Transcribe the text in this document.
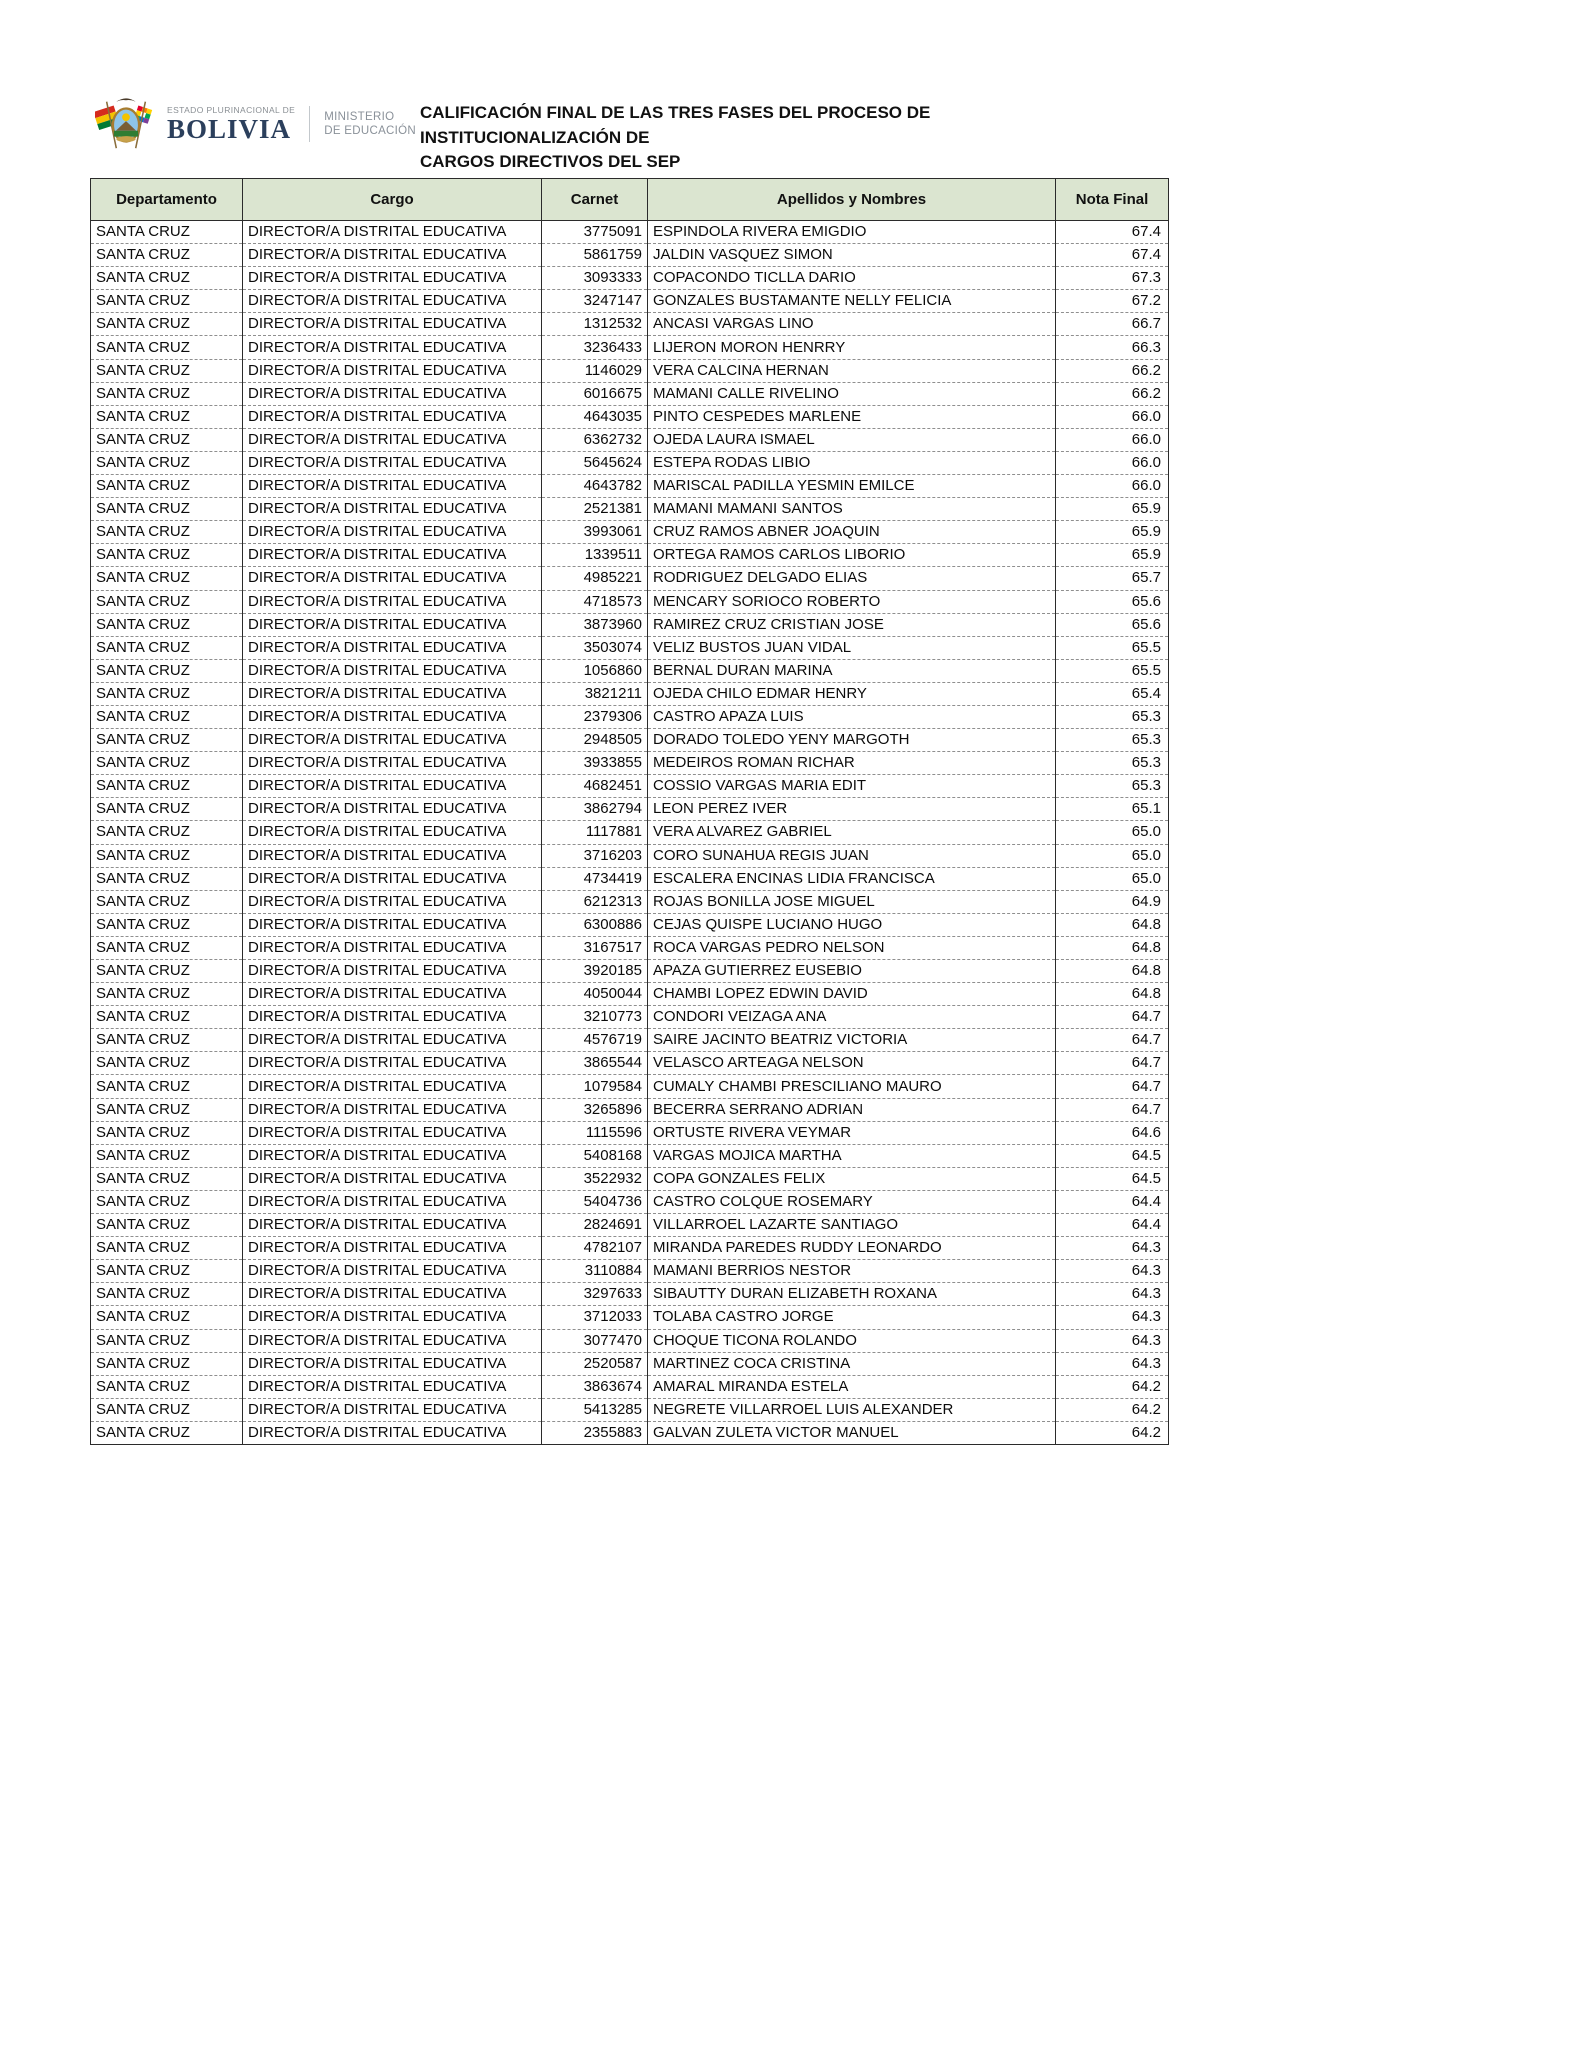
ESTADO PLURINACIONAL DE
BOLIVIA	MINISTERIO
DE EDUCACIÓN
CALIFICACIÓN FINAL DE LAS TRES FASES DEL PROCESO DE INSTITUCIONALIZACIÓN DE
CARGOS DIRECTIVOS DEL SEP
Departamento	Cargo	Carnet	Apellidos y Nombres	Nota Final
SANTA CRUZ	DIRECTOR/A DISTRITAL EDUCATIVA	3775091	ESPINDOLA RIVERA EMIGDIO	67.4
SANTA CRUZ	DIRECTOR/A DISTRITAL EDUCATIVA	5861759	JALDIN VASQUEZ SIMON	67.4
SANTA CRUZ	DIRECTOR/A DISTRITAL EDUCATIVA	3093333	COPACONDO TICLLA DARIO	67.3
SANTA CRUZ	DIRECTOR/A DISTRITAL EDUCATIVA	3247147	GONZALES BUSTAMANTE NELLY FELICIA	67.2
SANTA CRUZ	DIRECTOR/A DISTRITAL EDUCATIVA	1312532	ANCASI VARGAS LINO	66.7
SANTA CRUZ	DIRECTOR/A DISTRITAL EDUCATIVA	3236433	LIJERON MORON HENRRY	66.3
SANTA CRUZ	DIRECTOR/A DISTRITAL EDUCATIVA	1146029	VERA CALCINA HERNAN	66.2
SANTA CRUZ	DIRECTOR/A DISTRITAL EDUCATIVA	6016675	MAMANI CALLE RIVELINO	66.2
SANTA CRUZ	DIRECTOR/A DISTRITAL EDUCATIVA	4643035	PINTO CESPEDES MARLENE	66.0
SANTA CRUZ	DIRECTOR/A DISTRITAL EDUCATIVA	6362732	OJEDA LAURA ISMAEL	66.0
SANTA CRUZ	DIRECTOR/A DISTRITAL EDUCATIVA	5645624	ESTEPA RODAS LIBIO	66.0
SANTA CRUZ	DIRECTOR/A DISTRITAL EDUCATIVA	4643782	MARISCAL PADILLA YESMIN EMILCE	66.0
SANTA CRUZ	DIRECTOR/A DISTRITAL EDUCATIVA	2521381	MAMANI MAMANI SANTOS	65.9
SANTA CRUZ	DIRECTOR/A DISTRITAL EDUCATIVA	3993061	CRUZ RAMOS ABNER JOAQUIN	65.9
SANTA CRUZ	DIRECTOR/A DISTRITAL EDUCATIVA	1339511	ORTEGA RAMOS CARLOS LIBORIO	65.9
SANTA CRUZ	DIRECTOR/A DISTRITAL EDUCATIVA	4985221	RODRIGUEZ DELGADO ELIAS	65.7
SANTA CRUZ	DIRECTOR/A DISTRITAL EDUCATIVA	4718573	MENCARY SORIOCO ROBERTO	65.6
SANTA CRUZ	DIRECTOR/A DISTRITAL EDUCATIVA	3873960	RAMIREZ CRUZ CRISTIAN JOSE	65.6
SANTA CRUZ	DIRECTOR/A DISTRITAL EDUCATIVA	3503074	VELIZ BUSTOS JUAN VIDAL	65.5
SANTA CRUZ	DIRECTOR/A DISTRITAL EDUCATIVA	1056860	BERNAL DURAN MARINA	65.5
SANTA CRUZ	DIRECTOR/A DISTRITAL EDUCATIVA	3821211	OJEDA CHILO EDMAR HENRY	65.4
SANTA CRUZ	DIRECTOR/A DISTRITAL EDUCATIVA	2379306	CASTRO APAZA LUIS	65.3
SANTA CRUZ	DIRECTOR/A DISTRITAL EDUCATIVA	2948505	DORADO TOLEDO YENY MARGOTH	65.3
SANTA CRUZ	DIRECTOR/A DISTRITAL EDUCATIVA	3933855	MEDEIROS ROMAN RICHAR	65.3
SANTA CRUZ	DIRECTOR/A DISTRITAL EDUCATIVA	4682451	COSSIO VARGAS MARIA EDIT	65.3
SANTA CRUZ	DIRECTOR/A DISTRITAL EDUCATIVA	3862794	LEON PEREZ IVER	65.1
SANTA CRUZ	DIRECTOR/A DISTRITAL EDUCATIVA	1117881	VERA ALVAREZ GABRIEL	65.0
SANTA CRUZ	DIRECTOR/A DISTRITAL EDUCATIVA	3716203	CORO SUNAHUA REGIS JUAN	65.0
SANTA CRUZ	DIRECTOR/A DISTRITAL EDUCATIVA	4734419	ESCALERA ENCINAS LIDIA FRANCISCA	65.0
SANTA CRUZ	DIRECTOR/A DISTRITAL EDUCATIVA	6212313	ROJAS BONILLA JOSE MIGUEL	64.9
SANTA CRUZ	DIRECTOR/A DISTRITAL EDUCATIVA	6300886	CEJAS QUISPE LUCIANO HUGO	64.8
SANTA CRUZ	DIRECTOR/A DISTRITAL EDUCATIVA	3167517	ROCA VARGAS PEDRO NELSON	64.8
SANTA CRUZ	DIRECTOR/A DISTRITAL EDUCATIVA	3920185	APAZA GUTIERREZ EUSEBIO	64.8
SANTA CRUZ	DIRECTOR/A DISTRITAL EDUCATIVA	4050044	CHAMBI LOPEZ EDWIN DAVID	64.8
SANTA CRUZ	DIRECTOR/A DISTRITAL EDUCATIVA	3210773	CONDORI VEIZAGA ANA	64.7
SANTA CRUZ	DIRECTOR/A DISTRITAL EDUCATIVA	4576719	SAIRE JACINTO BEATRIZ VICTORIA	64.7
SANTA CRUZ	DIRECTOR/A DISTRITAL EDUCATIVA	3865544	VELASCO ARTEAGA NELSON	64.7
SANTA CRUZ	DIRECTOR/A DISTRITAL EDUCATIVA	1079584	CUMALY CHAMBI PRESCILIANO MAURO	64.7
SANTA CRUZ	DIRECTOR/A DISTRITAL EDUCATIVA	3265896	BECERRA SERRANO ADRIAN	64.7
SANTA CRUZ	DIRECTOR/A DISTRITAL EDUCATIVA	1115596	ORTUSTE RIVERA VEYMAR	64.6
SANTA CRUZ	DIRECTOR/A DISTRITAL EDUCATIVA	5408168	VARGAS MOJICA MARTHA	64.5
SANTA CRUZ	DIRECTOR/A DISTRITAL EDUCATIVA	3522932	COPA GONZALES FELIX	64.5
SANTA CRUZ	DIRECTOR/A DISTRITAL EDUCATIVA	5404736	CASTRO COLQUE ROSEMARY	64.4
SANTA CRUZ	DIRECTOR/A DISTRITAL EDUCATIVA	2824691	VILLARROEL LAZARTE SANTIAGO	64.4
SANTA CRUZ	DIRECTOR/A DISTRITAL EDUCATIVA	4782107	MIRANDA PAREDES RUDDY LEONARDO	64.3
SANTA CRUZ	DIRECTOR/A DISTRITAL EDUCATIVA	3110884	MAMANI BERRIOS NESTOR	64.3
SANTA CRUZ	DIRECTOR/A DISTRITAL EDUCATIVA	3297633	SIBAUTTY DURAN ELIZABETH ROXANA	64.3
SANTA CRUZ	DIRECTOR/A DISTRITAL EDUCATIVA	3712033	TOLABA CASTRO JORGE	64.3
SANTA CRUZ	DIRECTOR/A DISTRITAL EDUCATIVA	3077470	CHOQUE TICONA ROLANDO	64.3
SANTA CRUZ	DIRECTOR/A DISTRITAL EDUCATIVA	2520587	MARTINEZ COCA CRISTINA	64.3
SANTA CRUZ	DIRECTOR/A DISTRITAL EDUCATIVA	3863674	AMARAL MIRANDA ESTELA	64.2
SANTA CRUZ	DIRECTOR/A DISTRITAL EDUCATIVA	5413285	NEGRETE VILLARROEL LUIS ALEXANDER	64.2
SANTA CRUZ	DIRECTOR/A DISTRITAL EDUCATIVA	2355883	GALVAN ZULETA VICTOR MANUEL	64.2
